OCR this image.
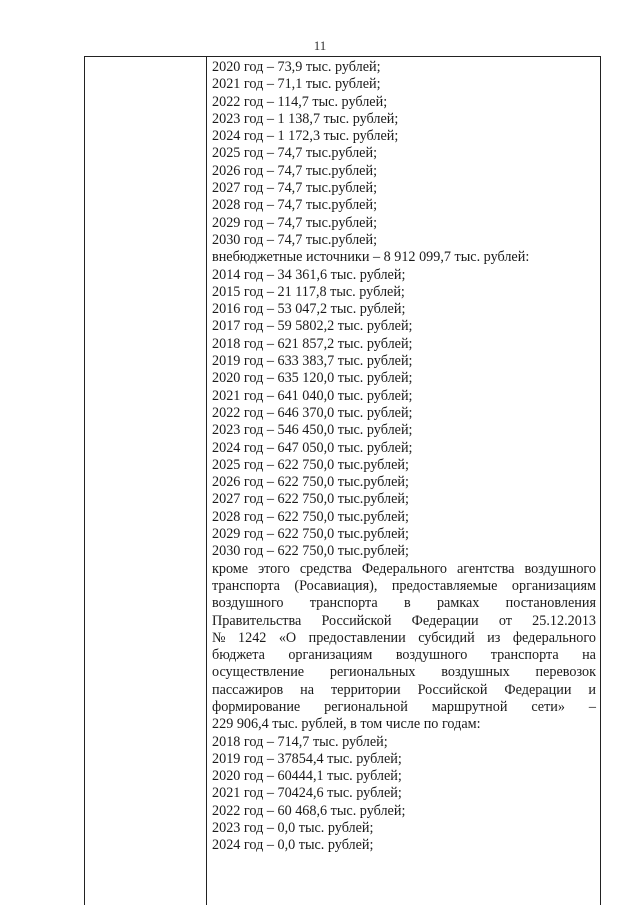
11
2020 год – 73,9 тыс. рублей;
2021 год – 71,1 тыс. рублей;
2022 год – 114,7 тыс. рублей;
2023 год – 1 138,7 тыс. рублей;
2024 год – 1 172,3 тыс. рублей;
2025 год – 74,7 тыс.рублей;
2026 год – 74,7 тыс.рублей;
2027 год – 74,7 тыс.рублей;
2028 год – 74,7 тыс.рублей;
2029 год – 74,7 тыс.рублей;
2030 год – 74,7 тыс.рублей;
внебюджетные источники – 8 912 099,7 тыс. рублей:
2014 год – 34 361,6 тыс. рублей;
2015 год – 21 117,8 тыс. рублей;
2016 год – 53 047,2 тыс. рублей;
2017 год – 59 5802,2 тыс. рублей;
2018 год – 621 857,2 тыс. рублей;
2019 год – 633 383,7 тыс. рублей;
2020 год – 635 120,0 тыс. рублей;
2021 год – 641 040,0 тыс. рублей;
2022 год – 646 370,0 тыс. рублей;
2023 год – 546 450,0 тыс. рублей;
2024 год – 647 050,0 тыс. рублей;
2025 год – 622 750,0 тыс.рублей;
2026 год – 622 750,0 тыс.рублей;
2027 год – 622 750,0 тыс.рублей;
2028 год – 622 750,0 тыс.рублей;
2029 год – 622 750,0 тыс.рублей;
2030 год – 622 750,0 тыс.рублей;
кроме этого средства Федерального агентства воздушного
транспорта (Росавиация), предоставляемые организациям
воздушного транспорта в рамках постановления
Правительства Российской Федерации от 25.12.2013
№ 1242 «О предоставлении субсидий из федерального
бюджета организациям воздушного транспорта на
осуществление региональных воздушных перевозок
пассажиров на территории Российской Федерации и
формирование региональной маршрутной сети» –
229 906,4 тыс. рублей, в том числе по годам:
2018 год – 714,7 тыс. рублей;
2019 год – 37854,4 тыс. рублей;
2020 год – 60444,1 тыс. рублей;
2021 год – 70424,6 тыс. рублей;
2022 год – 60 468,6 тыс. рублей;
2023 год – 0,0 тыс. рублей;
2024 год – 0,0 тыс. рублей;
